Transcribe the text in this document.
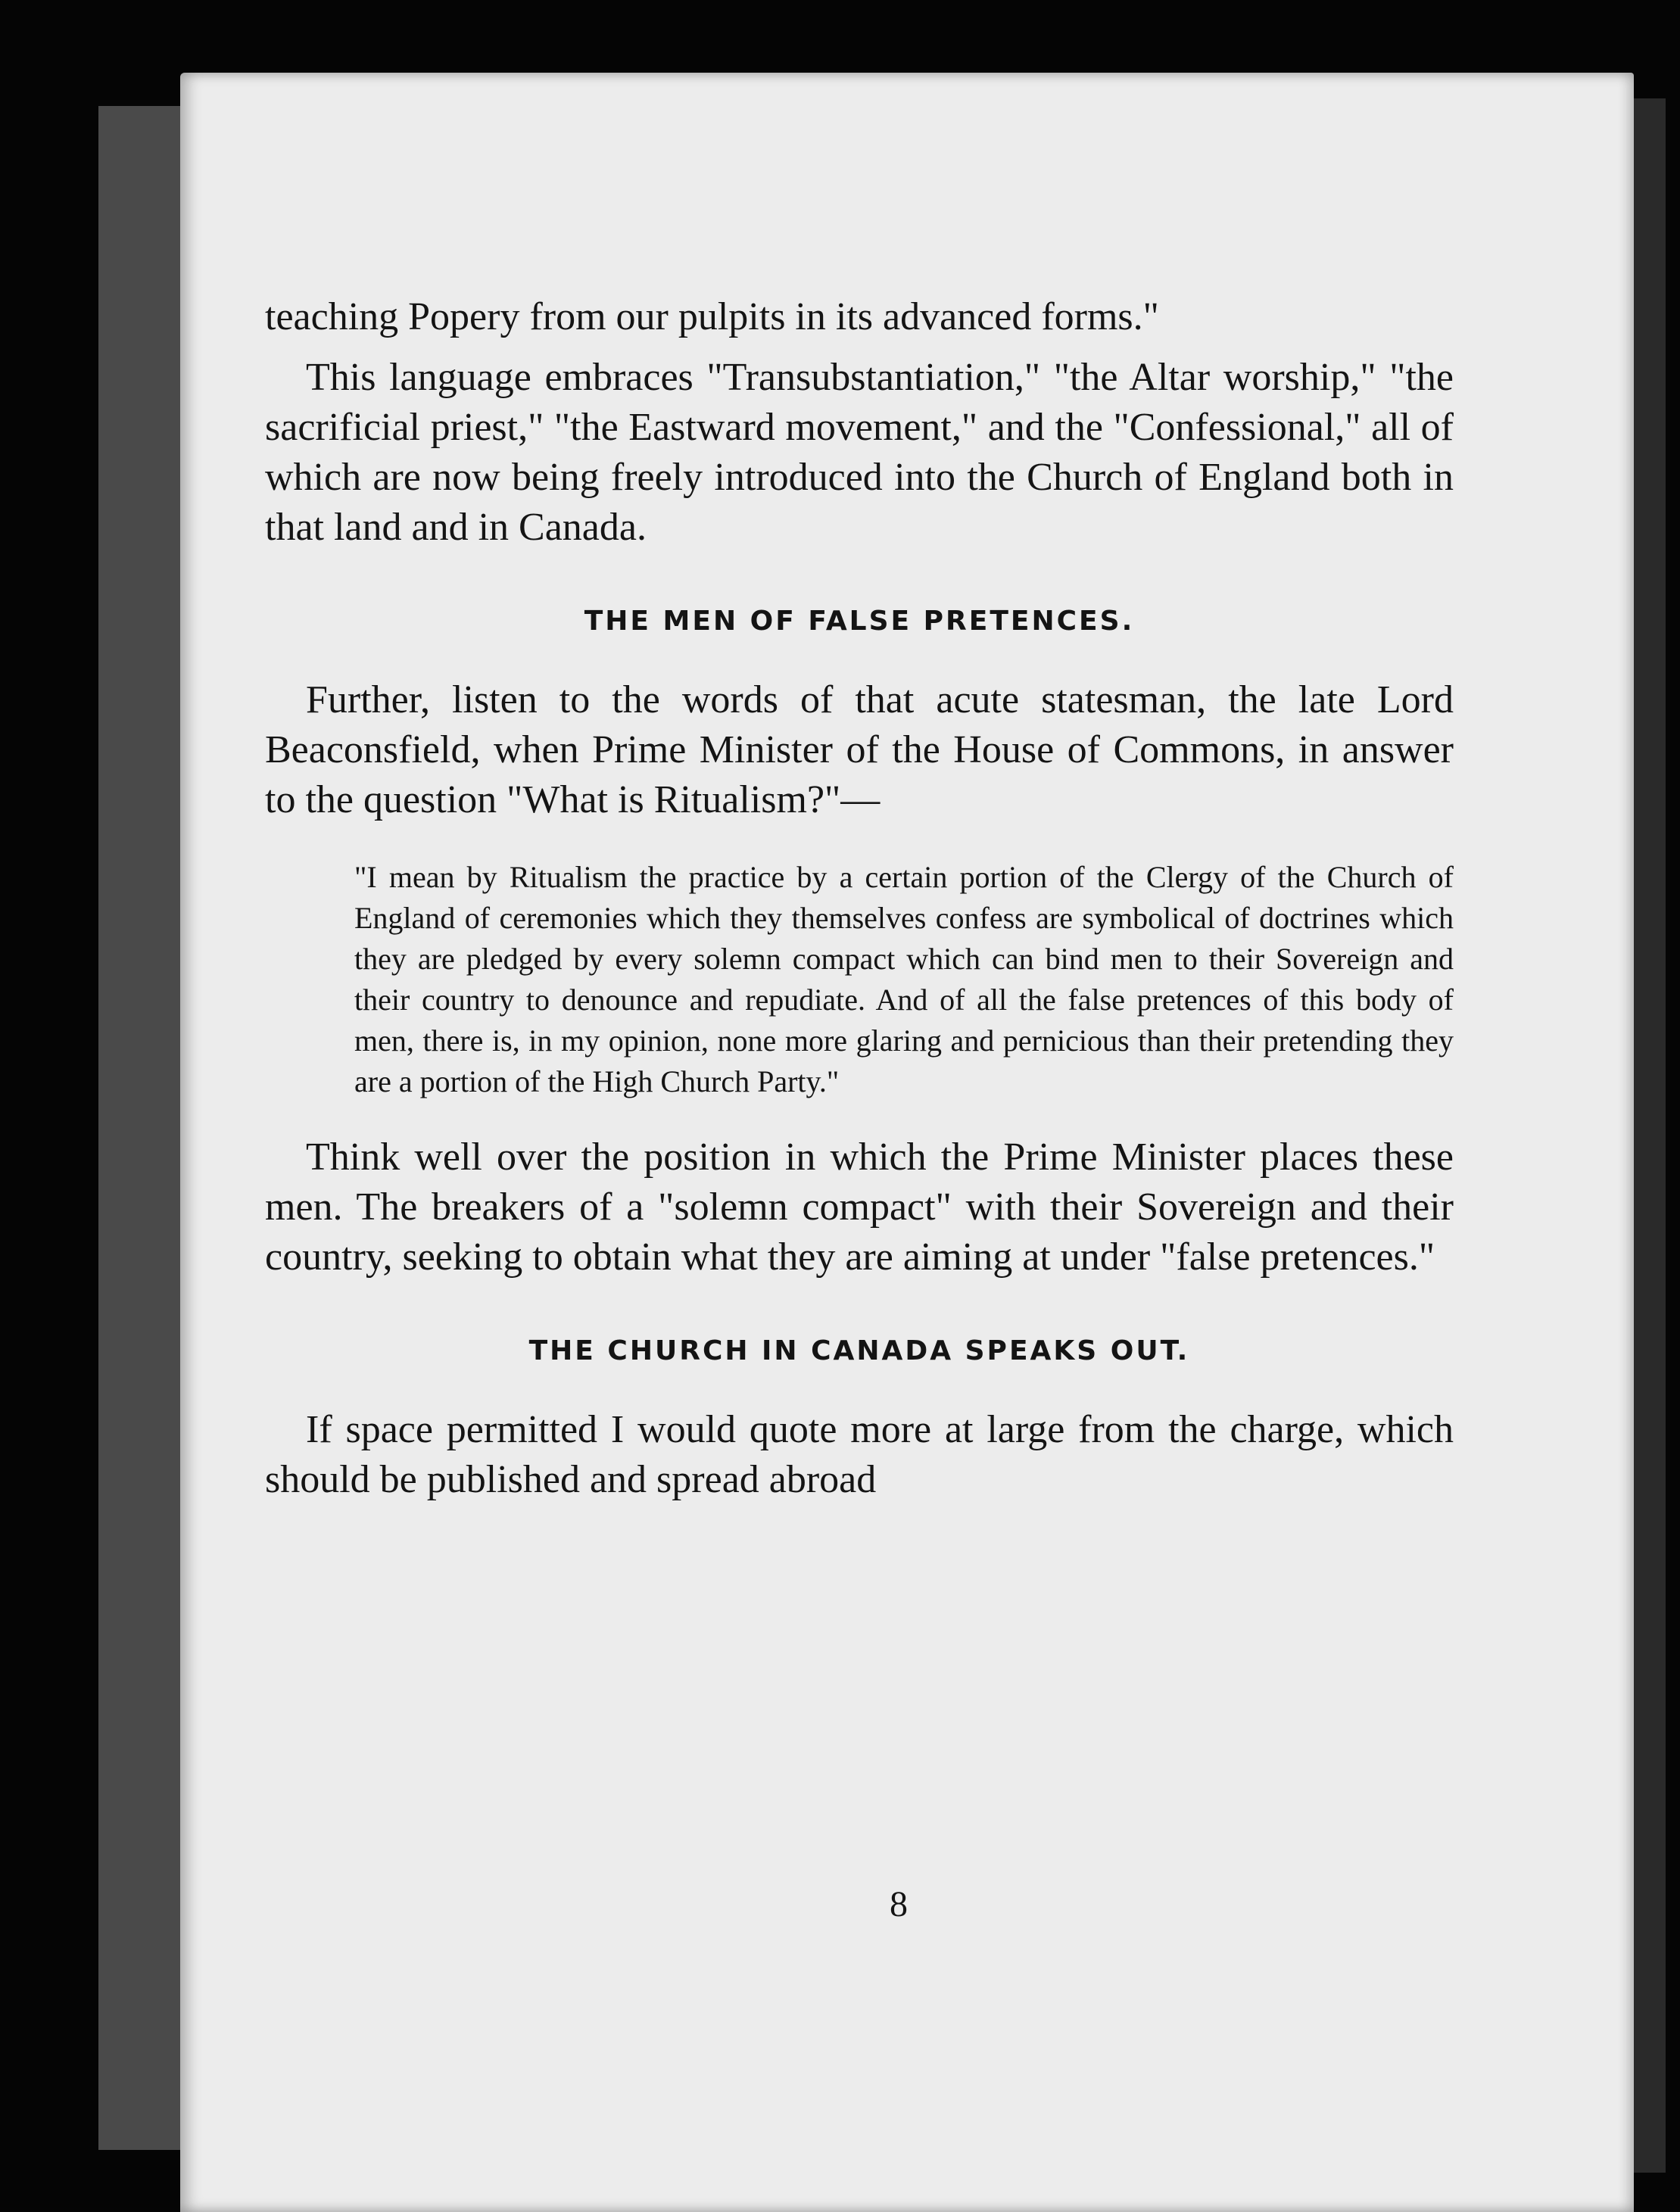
teaching Popery from our pulpits in its advanced forms."

This language embraces "Transubstantiation," "the Altar worship," "the sacrificial priest," "the Eastward movement," and the "Confessional," all of which are now being freely introduced into the Church of England both in that land and in Canada.

THE MEN OF FALSE PRETENCES.

Further, listen to the words of that acute statesman, the late Lord Beaconsfield, when Prime Minister of the House of Commons, in answer to the question "What is Ritualism?"—

"I mean by Ritualism the practice by a certain portion of the Clergy of the Church of England of ceremonies which they themselves confess are symbolical of doctrines which they are pledged by every solemn compact which can bind men to their Sovereign and their country to denounce and repudiate. And of all the false pretences of this body of men, there is, in my opinion, none more glaring and pernicious than their pretending they are a portion of the High Church Party."

Think well over the position in which the Prime Minister places these men. The breakers of a "solemn compact" with their Sovereign and their country, seeking to obtain what they are aiming at under "false pretences."

THE CHURCH IN CANADA SPEAKS OUT.

If space permitted I would quote more at large from the charge, which should be published and spread abroad

8
